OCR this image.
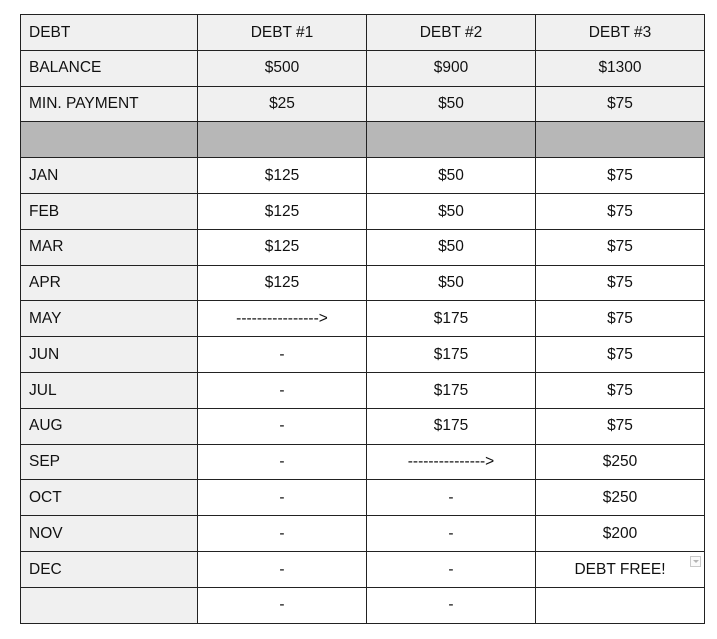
DEBT	DEBT #1	DEBT #2	DEBT #3
BALANCE	$500	$900	$1300
MIN. PAYMENT	$25	$50	$75

JAN	$125	$50	$75
FEB	$125	$50	$75
MAR	$125	$50	$75
APR	$125	$50	$75
MAY	---------------->	$175	$75
JUN	-	$175	$75
JUL	-	$175	$75
AUG	-	$175	$75
SEP	-	--------------->	$250
OCT	-	-	$250
NOV	-	-	$200
DEC	-	-	DEBT FREE!

	-	-	
